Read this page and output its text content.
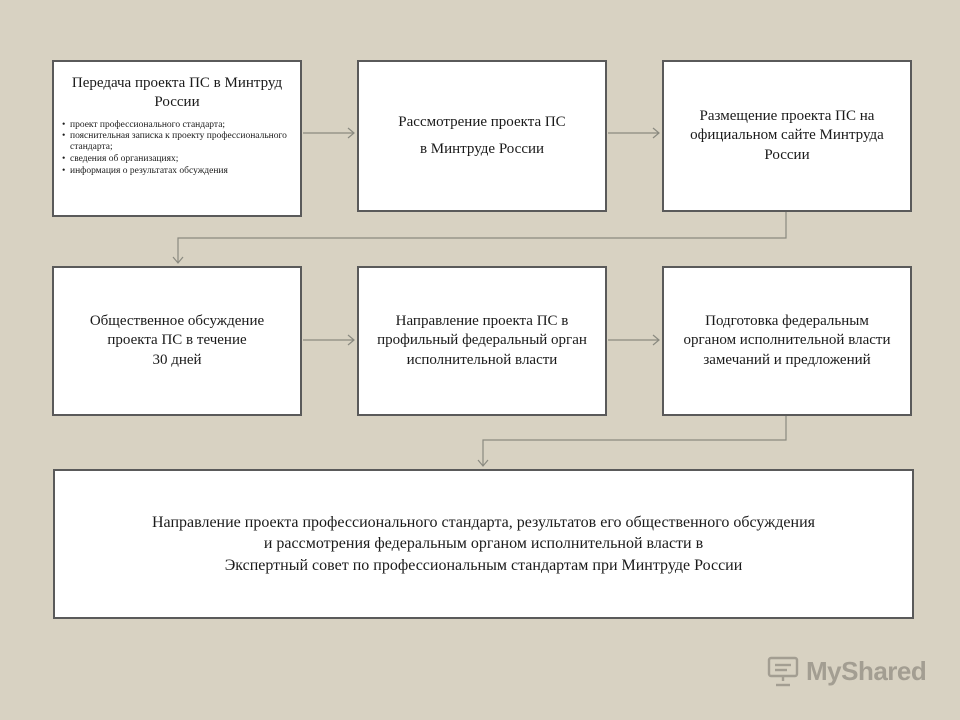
Передача проекта ПС в Минтруд России
• проект профессионального стандарта;
• пояснительная записка к проекту профессионального стандарта;
• сведения об организациях;
• информация о результатах обсуждения
Рассмотрение проекта ПС
в Минтруде России
Размещение проекта ПС на официальном сайте Минтруда России
Общественное обсуждение проекта ПС в течение
30 дней
Направление проекта ПС в профильный федеральный орган исполнительной власти
Подготовка федеральным органом исполнительной власти замечаний и предложений
Направление проекта профессионального стандарта, результатов его общественного обсуждения
и рассмотрения федеральным органом исполнительной власти в
Экспертный совет по профессиональным стандартам при Минтруде России
MyShared
